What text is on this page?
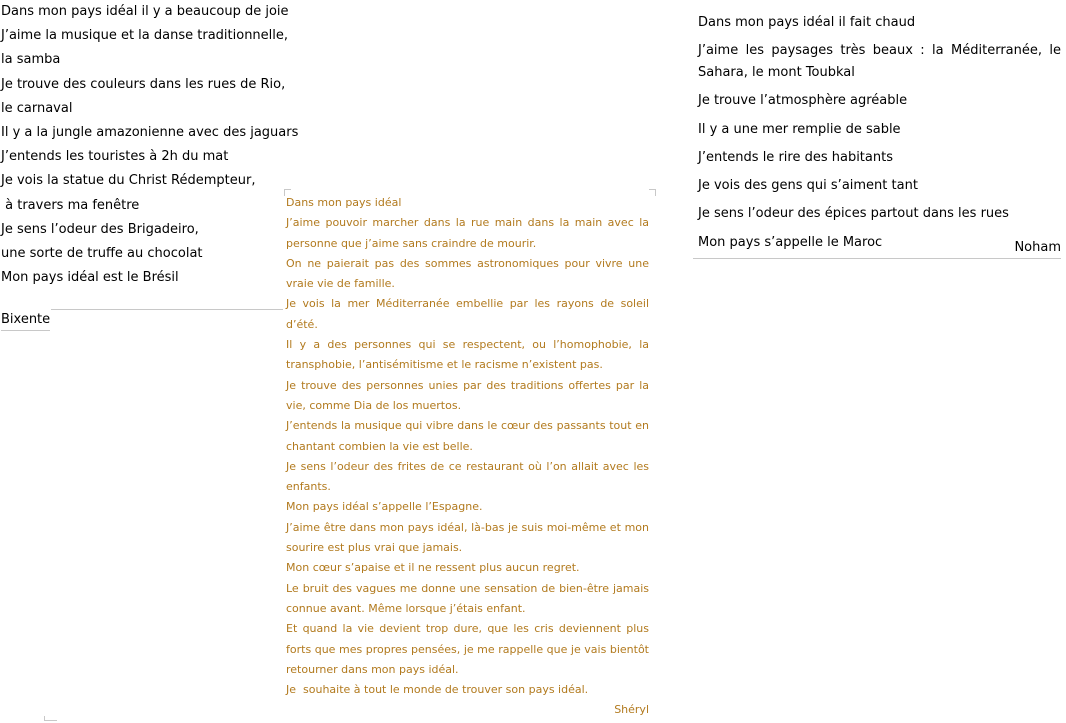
Dans mon pays idéal il y a beaucoup de joie
J’aime la musique et la danse traditionnelle,
la samba
Je trouve des couleurs dans les rues de Rio,
le carnaval
Il y a la jungle amazonienne avec des jaguars
J’entends les touristes à 2h du mat
Je vois la statue du Christ Rédempteur,
à travers ma fenêtre
Je sens l’odeur des Brigadeiro,
une sorte de truffe au chocolat
Mon pays idéal est le Brésil
Bixente

Dans mon pays idéal

J’aime pouvoir marcher dans la rue main dans la main avec la personne que j’aime sans craindre de mourir.

On ne paierait pas des sommes astronomiques pour vivre une vraie vie de famille.

Je vois la mer Méditerranée embellie par les rayons de soleil d’été.

Il y a des personnes qui se respectent, ou l’homophobie, la transphobie, l’antisémitisme et le racisme n’existent pas.

Je trouve des personnes unies par des traditions offertes par la vie, comme Dia de los muertos.

J’entends la musique qui vibre dans le cœur des passants tout en chantant combien la vie est belle.

Je sens l’odeur des frites de ce restaurant où l’on allait avec les enfants.

Mon pays idéal s’appelle l’Espagne.

J’aime être dans mon pays idéal, là-bas je suis moi-même et mon sourire est plus vrai que jamais.

Mon cœur s’apaise et il ne ressent plus aucun regret.

Le bruit des vagues me donne une sensation de bien-être jamais connue avant. Même lorsque j’étais enfant.

Et quand la vie devient trop dure, que les cris deviennent plus forts que mes propres pensées, je me rappelle que je vais bientôt retourner dans mon pays idéal.

Je  souhaite à tout le monde de trouver son pays idéal.

Shéryl

Dans mon pays idéal il fait chaud

J’aime les paysages très beaux : la Méditerranée, le Sahara, le mont Toubkal

Je trouve l’atmosphère agréable

Il y a une mer remplie de sable

J’entends le rire des habitants

Je vois des gens qui s’aiment tant

Je sens l’odeur des épices partout dans les rues

Mon pays s’appelle le Maroc	Noham
